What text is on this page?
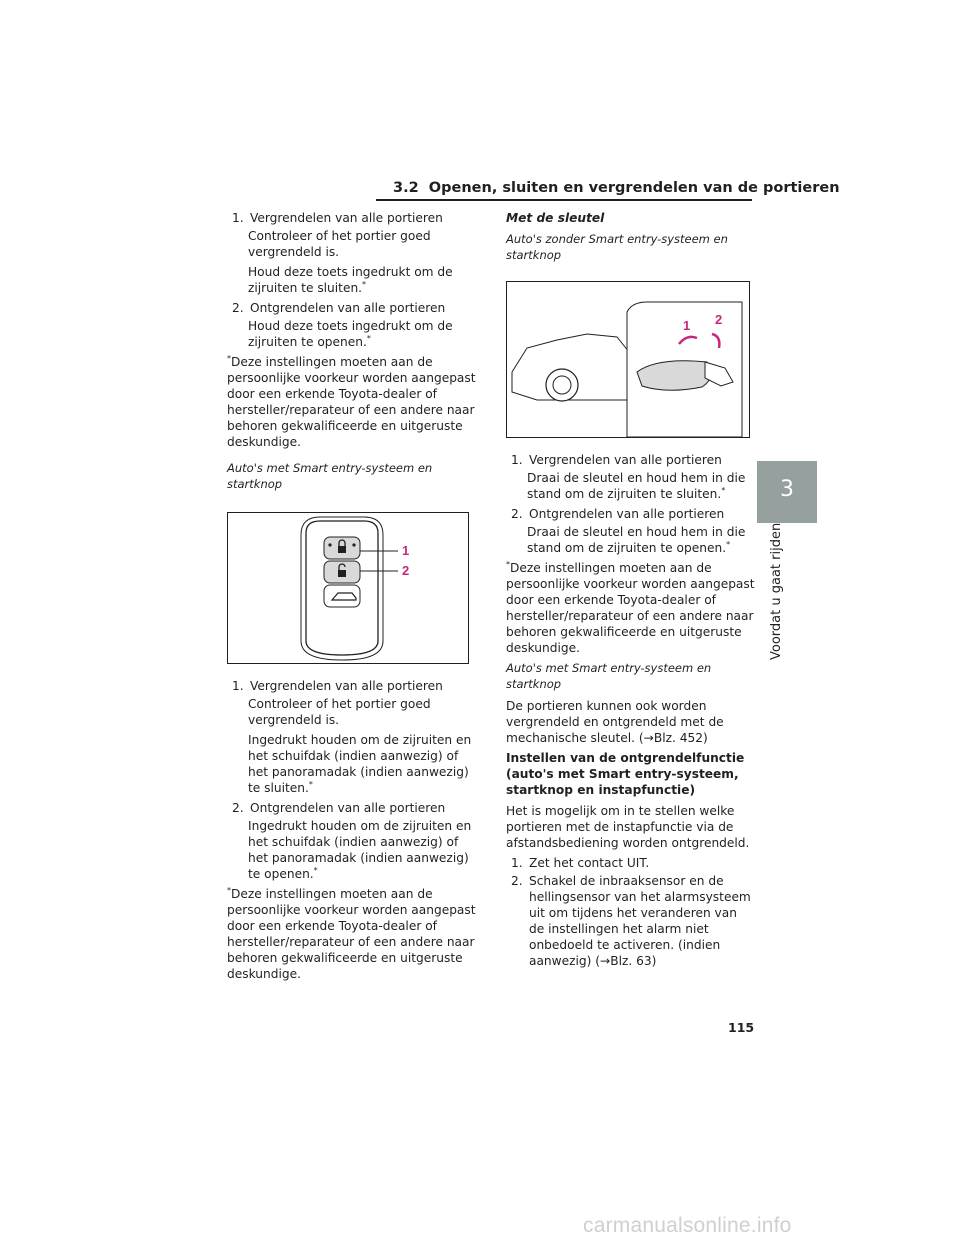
3.2 Openen, sluiten en vergrendelen van de portieren
1. Vergrendelen van alle portieren
Controleer of het portier goed vergrendeld is.
Houd deze toets ingedrukt om de zijruiten te sluiten.*
2. Ontgrendelen van alle portieren
Houd deze toets ingedrukt om de zijruiten te openen.*

*Deze instellingen moeten aan de persoonlijke voorkeur worden aangepast door een erkende Toyota-dealer of hersteller/reparateur of een andere naar behoren gekwalificeerde en uitgeruste deskundige.

Auto's met Smart entry-systeem en startknop

1
2
1. Vergrendelen van alle portieren
Controleer of het portier goed vergrendeld is.
Ingedrukt houden om de zijruiten en het schuifdak (indien aanwezig) of het panoramadak (indien aanwezig) te sluiten.*
2. Ontgrendelen van alle portieren
Ingedrukt houden om de zijruiten en het schuifdak (indien aanwezig) of het panoramadak (indien aanwezig) te openen.*

*Deze instellingen moeten aan de persoonlijke voorkeur worden aangepast door een erkende Toyota-dealer of hersteller/reparateur of een andere naar behoren gekwalificeerde en uitgeruste deskundige.

Met de sleutel

Auto's zonder Smart entry-systeem en startknop

1 2
1. Vergrendelen van alle portieren
Draai de sleutel en houd hem in die stand om de zijruiten te sluiten.*
2. Ontgrendelen van alle portieren
Draai de sleutel en houd hem in die stand om de zijruiten te openen.*

*Deze instellingen moeten aan de persoonlijke voorkeur worden aangepast door een erkende Toyota-dealer of hersteller/reparateur of een andere naar behoren gekwalificeerde en uitgeruste deskundige.

Auto's met Smart entry-systeem en startknop

De portieren kunnen ook worden vergrendeld en ontgrendeld met de mechanische sleutel. (→Blz. 452)

Instellen van de ontgrendelfunctie (auto's met Smart entry-systeem, startknop en instapfunctie)

Het is mogelijk om in te stellen welke portieren met de instapfunctie via de afstandsbediening worden ontgrendeld.

1. Zet het contact UIT.
2. Schakel de inbraaksensor en de hellingsensor van het alarmsysteem uit om tijdens het veranderen van de instellingen het alarm niet onbedoeld te activeren. (indien aanwezig) (→Blz. 63)
3
Voordat u gaat rijden
115
carmanualsonline.info
